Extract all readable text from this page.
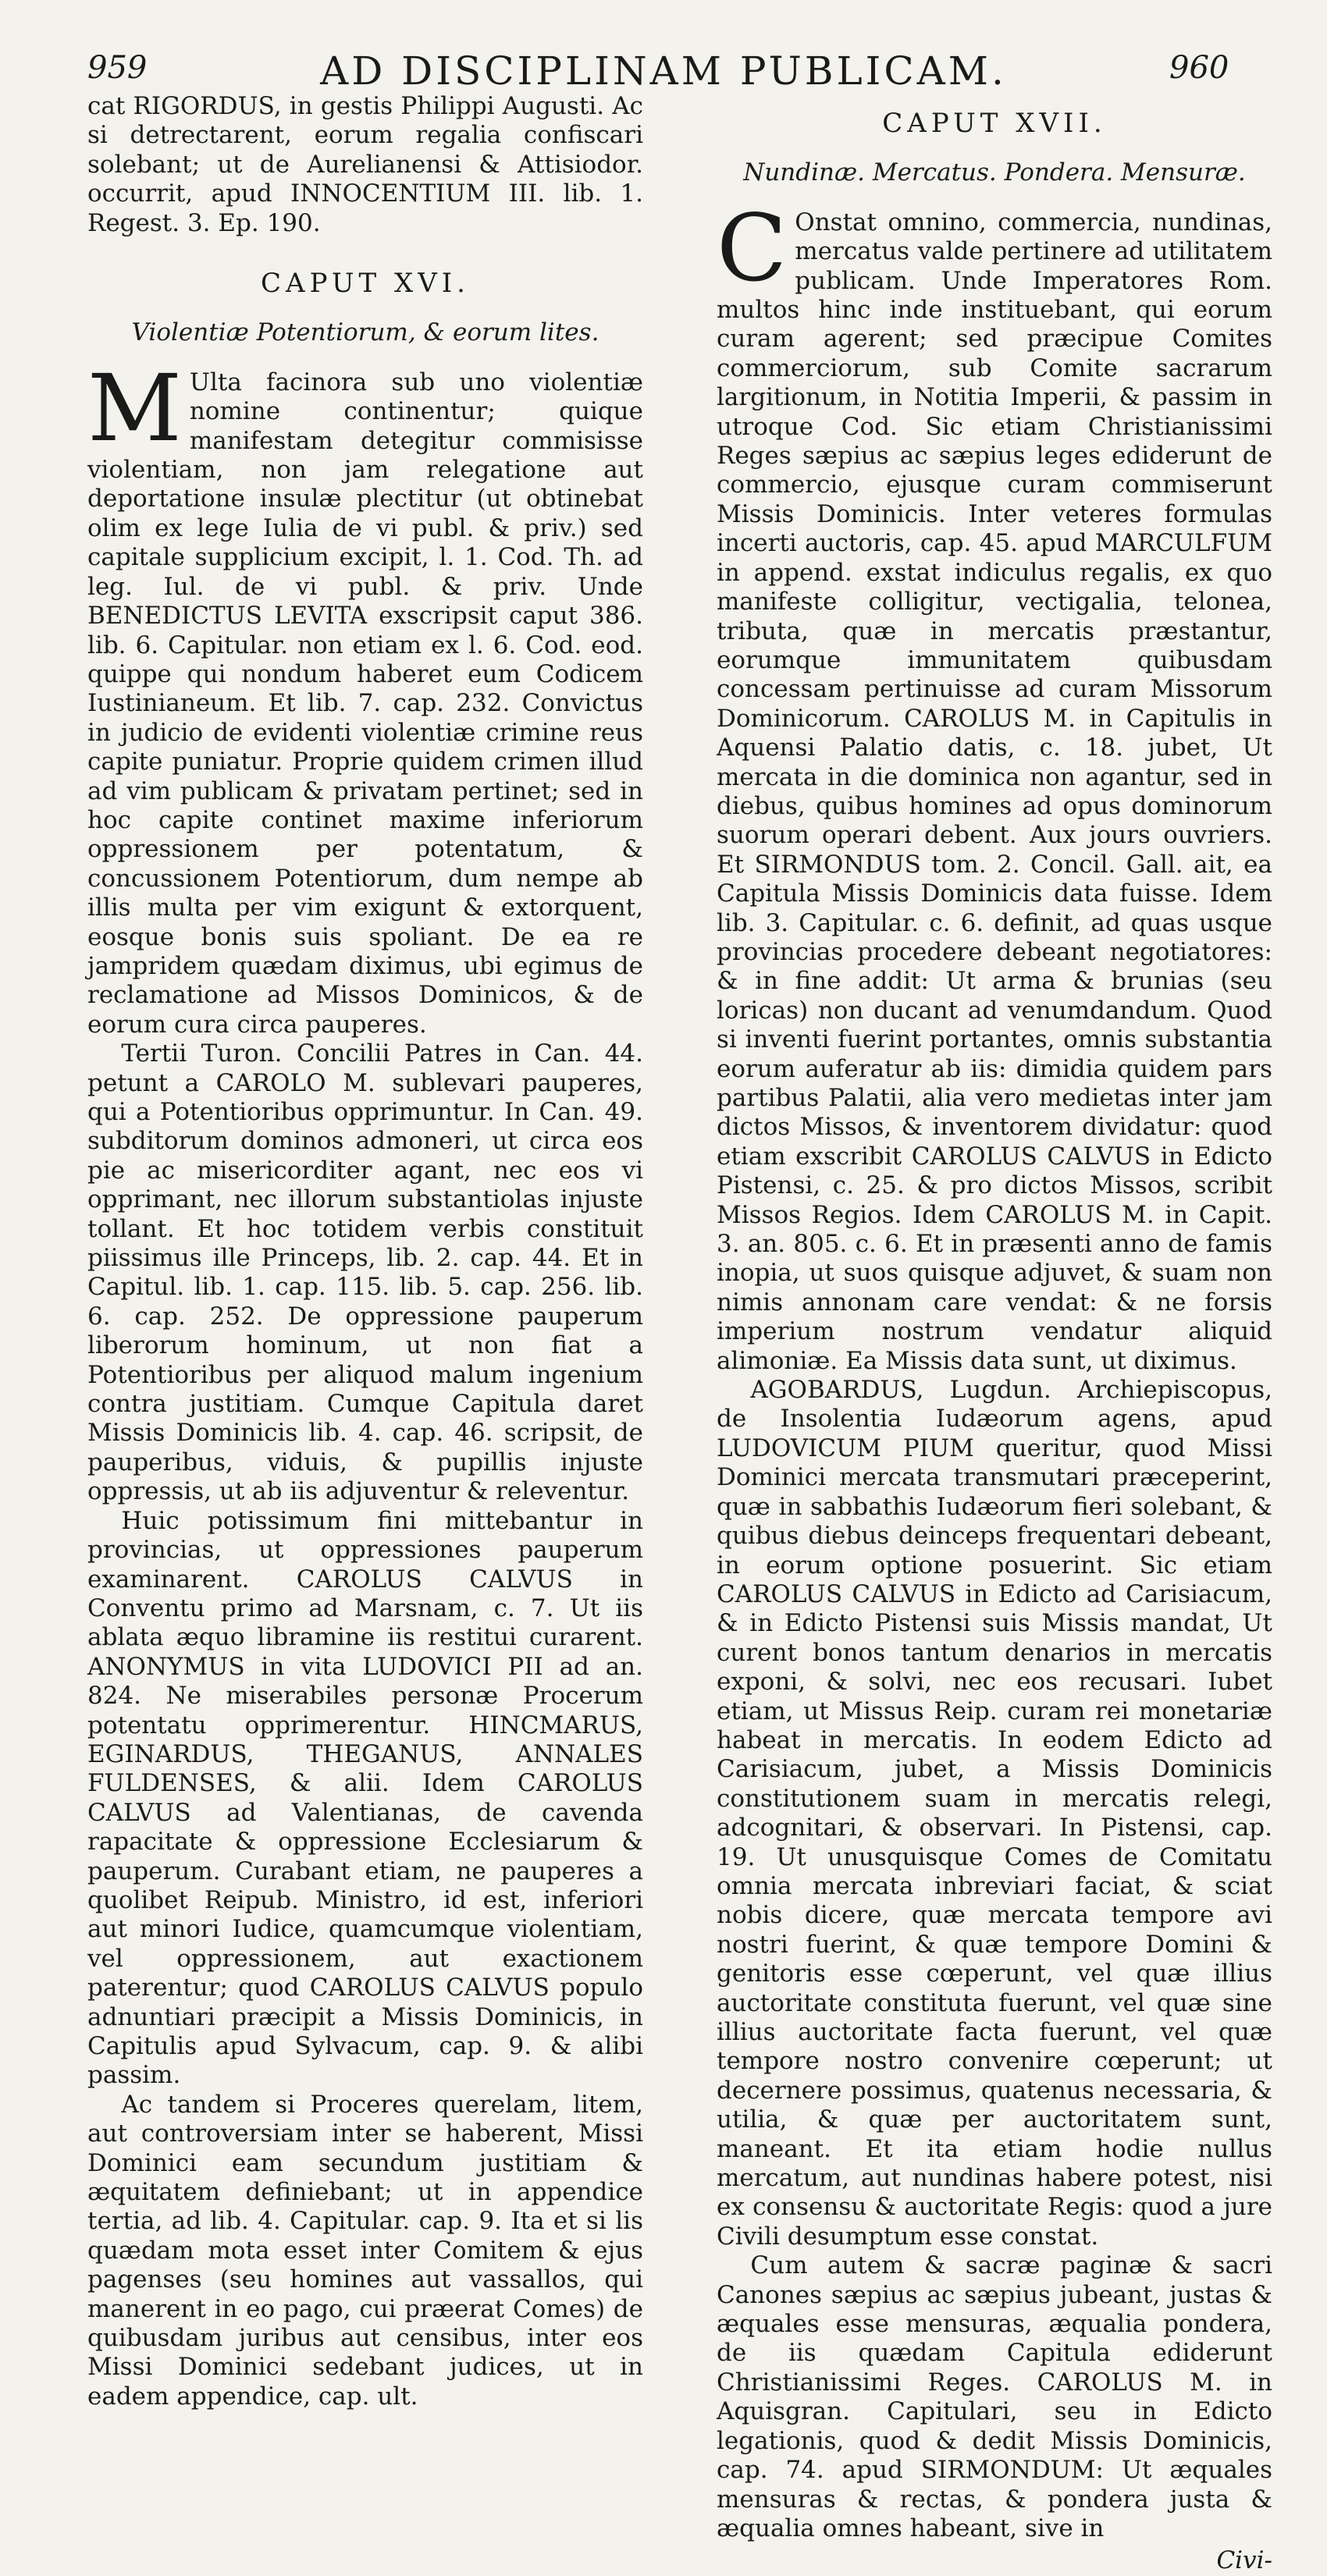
959	AD DISCIPLINAM PUBLICAM.	960

cat RIGORDUS, in gestis Philippi Augusti. Ac si detrectarent, eorum regalia confiscari solebant; ut de Aurelianensi & Attisiodor. occurrit, apud INNOCENTIUM III. lib. 1. Regest. 3. Ep. 190.

CAPUT XVI.
Violentiæ Potentiorum, & eorum lites.

M Ulta facinora sub uno violentiæ nomine continentur; quique manifestam detegitur commisisse violentiam, non jam relegatione aut deportatione insulæ plectitur (ut obtinebat olim ex lege Iulia de vi publ. & priv.) sed capitale supplicium excipit, l. 1. Cod. Th. ad leg. Iul. de vi publ. & priv. Unde BENEDICTUS LEVITA exscripsit caput 386. lib. 6. Capitular. non etiam ex l. 6. Cod. eod. quippe qui nondum haberet eum Codicem Iustinianeum. Et lib. 7. cap. 232. Convictus in judicio de evidenti violentiæ crimine reus capite puniatur. Proprie quidem crimen illud ad vim publicam & privatam pertinet; sed in hoc capite continet maxime inferiorum oppressionem per potentatum, & concussionem Potentiorum, dum nempe ab illis multa per vim exigunt & extorquent, eosque bonis suis spoliant. De ea re jampridem quædam diximus, ubi egimus de reclamatione ad Missos Dominicos, & de eorum cura circa pauperes.

Tertii Turon. Concilii Patres in Can. 44. petunt a CAROLO M. sublevari pauperes, qui a Potentioribus opprimuntur. In Can. 49. subditorum dominos admoneri, ut circa eos pie ac misericorditer agant, nec eos vi opprimant, nec illorum substantiolas injuste tollant. Et hoc totidem verbis constituit piissimus ille Princeps, lib. 2. cap. 44. Et in Capitul. lib. 1. cap. 115. lib. 5. cap. 256. lib. 6. cap. 252. De oppressione pauperum liberorum hominum, ut non fiat a Potentioribus per aliquod malum ingenium contra justitiam. Cumque Capitula daret Missis Dominicis lib. 4. cap. 46. scripsit, de pauperibus, viduis, & pupillis injuste oppressis, ut ab iis adjuventur & releventur.

Huic potissimum fini mittebantur in provincias, ut oppressiones pauperum examinarent. CAROLUS CALVUS in Conventu primo ad Marsnam, c. 7. Ut iis ablata æquo libramine iis restitui curarent. ANONYMUS in vita LUDOVICI PII ad an. 824. Ne miserabiles personæ Procerum potentatu opprimerentur. HINCMARUS, EGINARDUS, THEGANUS, ANNALES FULDENSES, & alii. Idem CAROLUS CALVUS ad Valentianas, de cavenda rapacitate & oppressione Ecclesiarum & pauperum. Curabant etiam, ne pauperes a quolibet Reipub. Ministro, id est, inferiori aut minori Iudice, quamcumque violentiam, vel oppressionem, aut exactionem paterentur; quod CAROLUS CALVUS populo adnuntiari præcipit a Missis Dominicis, in Capitulis apud Sylvacum, cap. 9. & alibi passim.

Ac tandem si Proceres querelam, litem, aut controversiam inter se haberent, Missi Dominici eam secundum justitiam & æquitatem definiebant; ut in appendice tertia, ad lib. 4. Capitular. cap. 9. Ita et si lis quædam mota esset inter Comitem & ejus pagenses (seu homines aut vassallos, qui manerent in eo pago, cui præerat Comes) de quibusdam juribus aut censibus, inter eos Missi Dominici sedebant judices, ut in eadem appendice, cap. ult.

CAPUT XVII.
Nundinæ. Mercatus. Pondera. Mensuræ.

C Onstat omnino, commercia, nundinas, mercatus valde pertinere ad utilitatem publicam. Unde Imperatores Rom. multos hinc inde instituebant, qui eorum curam agerent; sed præcipue Comites commerciorum, sub Comite sacrarum largitionum, in Notitia Imperii, & passim in utroque Cod. Sic etiam Christianissimi Reges sæpius ac sæpius leges ediderunt de commercio, ejusque curam commiserunt Missis Dominicis. Inter veteres formulas incerti auctoris, cap. 45. apud MARCULFUM in append. exstat indiculus regalis, ex quo manifeste colligitur, vectigalia, telonea, tributa, quæ in mercatis præstantur, eorumque immunitatem quibusdam concessam pertinuisse ad curam Missorum Dominicorum. CAROLUS M. in Capitulis in Aquensi Palatio datis, c. 18. jubet, Ut mercata in die dominica non agantur, sed in diebus, quibus homines ad opus dominorum suorum operari debent. Aux jours ouvriers. Et SIRMONDUS tom. 2. Concil. Gall. ait, ea Capitula Missis Dominicis data fuisse. Idem lib. 3. Capitular. c. 6. definit, ad quas usque provincias procedere debeant negotiatores: & in fine addit: Ut arma & brunias (seu loricas) non ducant ad venumdandum. Quod si inventi fuerint portantes, omnis substantia eorum auferatur ab iis: dimidia quidem pars partibus Palatii, alia vero medietas inter jam dictos Missos, & inventorem dividatur: quod etiam exscribit CAROLUS CALVUS in Edicto Pistensi, c. 25. & pro dictos Missos, scribit Missos Regios. Idem CAROLUS M. in Capit. 3. an. 805. c. 6. Et in præsenti anno de famis inopia, ut suos quisque adjuvet, & suam non nimis annonam care vendat: & ne forsis imperium nostrum vendatur aliquid alimoniæ. Ea Missis data sunt, ut diximus.

AGOBARDUS, Lugdun. Archiepiscopus, de Insolentia Iudæorum agens, apud LUDOVICUM PIUM queritur, quod Missi Dominici mercata transmutari præceperint, quæ in sabbathis Iudæorum fieri solebant, & quibus diebus deinceps frequentari debeant, in eorum optione posuerint. Sic etiam CAROLUS CALVUS in Edicto ad Carisiacum, & in Edicto Pistensi suis Missis mandat, Ut curent bonos tantum denarios in mercatis exponi, & solvi, nec eos recusari. Iubet etiam, ut Missus Reip. curam rei monetariæ habeat in mercatis. In eodem Edicto ad Carisiacum, jubet, a Missis Dominicis constitutionem suam in mercatis relegi, adcognitari, & observari. In Pistensi, cap. 19. Ut unusquisque Comes de Comitatu omnia mercata inbreviari faciat, & sciat nobis dicere, quæ mercata tempore avi nostri fuerint, & quæ tempore Domini & genitoris esse cœperunt, vel quæ illius auctoritate constituta fuerunt, vel quæ sine illius auctoritate facta fuerunt, vel quæ tempore nostro convenire cœperunt; ut decernere possimus, quatenus necessaria, & utilia, & quæ per auctoritatem sunt, maneant. Et ita etiam hodie nullus mercatum, aut nundinas habere potest, nisi ex consensu & auctoritate Regis: quod a jure Civili desumptum esse constat.

Cum autem & sacræ paginæ & sacri Canones sæpius ac sæpius jubeant, justas & æquales esse mensuras, æqualia pondera, de iis quædam Capitula ediderunt Christianissimi Reges. CAROLUS M. in Aquisgran. Capitulari, seu in Edicto legationis, quod & dedit Missis Dominicis, cap. 74. apud SIRMONDUM: Ut æquales mensuras & rectas, & pondera justa & æqualia omnes habeant, sive in

Civi-
